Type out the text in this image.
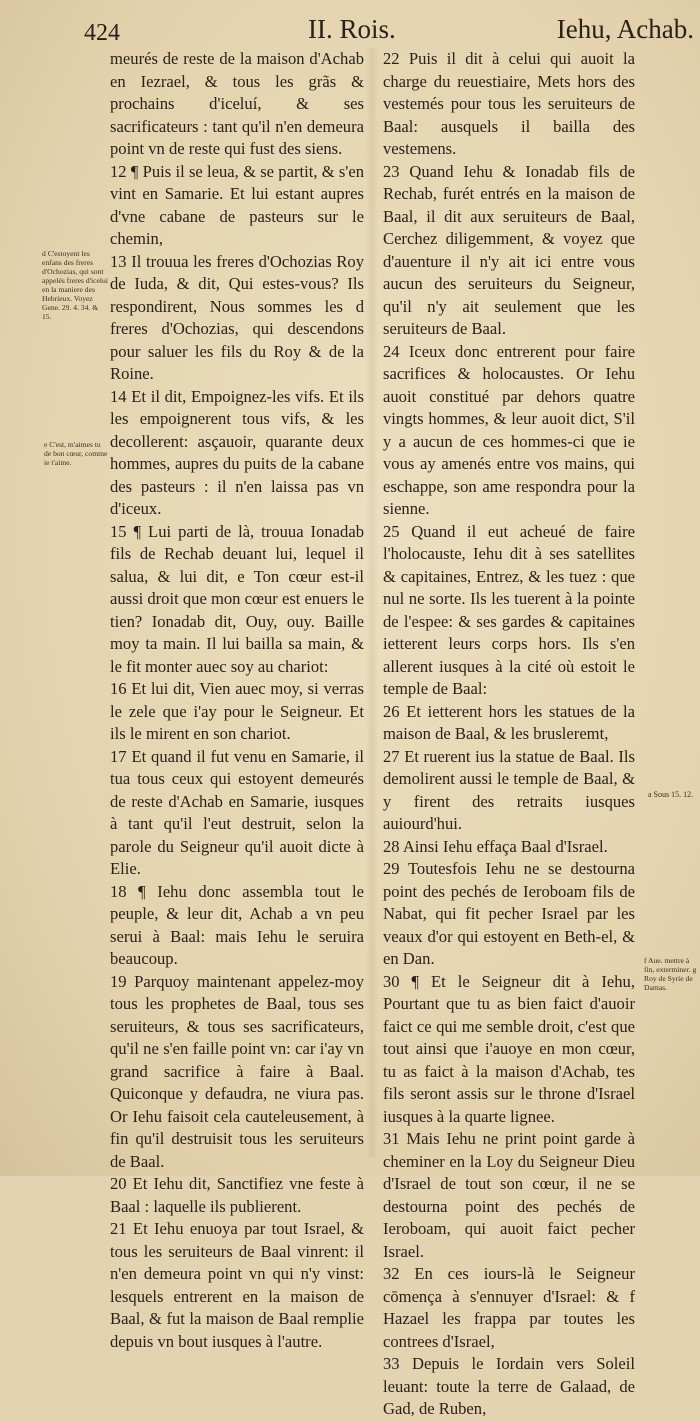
424	II. Rois.	Iehu, Achab.
d C'estoyent les enfans des freres d'Ochozias, qui sont appelés freres d'iceluí en la maniere des Hebrieux. Voyez Gene. 29. 4. 34. & 15.
e C'est, m'aimes tu de bon cœur, comme ie t'aime.
a Sous 15. 12.
f Aue. mettre à fin, exterminer. g Roy de Syrie de Damas.

meurés de reste de la maison d'Achab en Iezrael, & tous les grãs & prochains d'iceluí, & ses sacrificateurs : tant qu'il n'en demeura point vn de reste qui fust des siens.

12 ¶ Puis il se leua, & se partit, & s'en vint en Samarie. Et lui estant aupres d'vne cabane de pasteurs sur le chemin,

13 Il trouua les freres d'Ochozias Roy de Iuda, & dit, Qui estes-vous? Ils respondirent, Nous sommes les d freres d'Ochozias, qui descendons pour saluer les fils du Roy & de la Roine.

14 Et il dit, Empoignez-les vifs. Et ils les empoignerent tous vifs, & les decollerent: asçauoir, quarante deux hommes, aupres du puits de la cabane des pasteurs : il n'en laissa pas vn d'iceux.

15 ¶ Lui parti de là, trouua Ionadab fils de Rechab deuant lui, lequel il salua, & lui dit, e Ton cœur est-il aussi droit que mon cœur est enuers le tien? Ionadab dit, Ouy, ouy. Baille moy ta main. Il lui bailla sa main, & le fit monter auec soy au chariot:

16 Et lui dit, Vien auec moy, si verras le zele que i'ay pour le Seigneur. Et ils le mirent en son chariot.

17 Et quand il fut venu en Samarie, il tua tous ceux qui estoyent demeurés de reste d'Achab en Samarie, iusques à tant qu'il l'eut destruit, selon la parole du Seigneur qu'il auoit dicte à Elie.

18 ¶ Iehu donc assembla tout le peuple, & leur dit, Achab a vn peu serui à Baal: mais Iehu le seruira beaucoup.

19 Parquoy maintenant appelez-moy tous les prophetes de Baal, tous ses seruiteurs, & tous ses sacrificateurs, qu'il ne s'en faille point vn: car i'ay vn grand sacrifice à faire à Baal. Quiconque y defaudra, ne viura pas. Or Iehu faisoit cela cauteleusement, à fin qu'il destruisit tous les seruiteurs de Baal.

20 Et Iehu dit, Sanctifiez vne feste à Baal : laquelle ils publierent.

21 Et Iehu enuoya par tout Israel, & tous les seruiteurs de Baal vinrent: il n'en demeura point vn qui n'y vinst: lesquels entrerent en la maison de Baal, & fut la maison de Baal remplie depuis vn bout iusques à l'autre.

22 Puis il dit à celui qui auoit la charge du reuestiaire, Mets hors des vestemés pour tous les seruiteurs de Baal: ausquels il bailla des vestemens.

23 Quand Iehu & Ionadab fils de Rechab, furét entrés en la maison de Baal, il dit aux seruiteurs de Baal, Cerchez diligemment, & voyez que d'auenture il n'y ait ici entre vous aucun des seruiteurs du Seigneur, qu'il n'y ait seulement que les seruiteurs de Baal.

24 Iceux donc entrerent pour faire sacrifices & holocaustes. Or Iehu auoit constitué par dehors quatre vingts hommes, & leur auoit dict, S'il y a aucun de ces hommes-ci que ie vous ay amenés entre vos mains, qui eschappe, son ame respondra pour la sienne.

25 Quand il eut acheué de faire l'holocauste, Iehu dit à ses satellites & capitaines, Entrez, & les tuez : que nul ne sorte. Ils les tuerent à la pointe de l'espee: & ses gardes & capitaines ietterent leurs corps hors. Ils s'en allerent iusques à la cité où estoit le temple de Baal:

26 Et ietterent hors les statues de la maison de Baal, & les brusleremt,

27 Et ruerent ius la statue de Baal. Ils demolirent aussi le temple de Baal, & y firent des retraits iusques auiourd'hui.

28 Ainsi Iehu effaça Baal d'Israel.

29 Toutesfois Iehu ne se destourna point des pechés de Ieroboam fils de Nabat, qui fit pecher Israel par les veaux d'or qui estoyent en Beth-el, & en Dan.

30 ¶ Et le Seigneur dit à Iehu, Pourtant que tu as bien faict d'auoir faict ce qui me semble droit, c'est que tout ainsi que i'auoye en mon cœur, tu as faict à la maison d'Achab, tes fils seront assis sur le throne d'Israel iusques à la quarte lignee.

31 Mais Iehu ne print point garde à cheminer en la Loy du Seigneur Dieu d'Israel de tout son cœur, il ne se destourna point des pechés de Ieroboam, qui auoit faict pecher Israel.

32 En ces iours-là le Seigneur cōmença à s'ennuyer d'Israel: & f Hazael les frappa par toutes les contrees d'Israel,

33 Depuis le Iordain vers Soleil leuant: toute la terre de Galaad, de Gad, de Ruben,
